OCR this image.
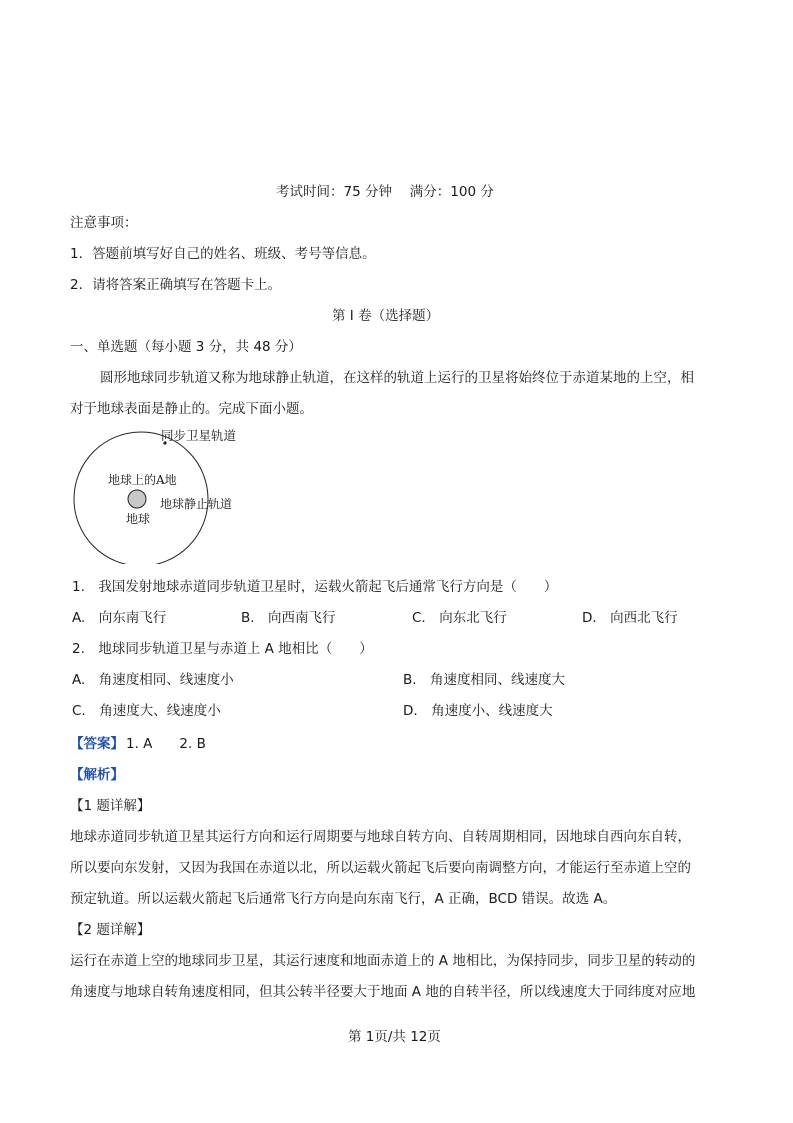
考试时间：75 分钟　 满分：100 分
注意事项：
1．答题前填写好自己的姓名、班级、考号等信息。
2．请将答案正确填写在答题卡上。
第 I 卷（选择题）
一、单选题（每小题 3 分，共 48 分）
圆形地球同步轨道又称为地球静止轨道，在这样的轨道上运行的卫星将始终位于赤道某地的上空，相
对于地球表面是静止的。完成下面小题。
同步卫星轨道
地球上的A地
地球静止轨道
地球
1.　我国发射地球赤道同步轨道卫星时，运载火箭起飞后通常飞行方向是（　　）
A.　向东南飞行	B.　向西南飞行	C.　向东北飞行	D.　向西北飞行
2.　地球同步轨道卫星与赤道上 A 地相比（　　）
A.　角速度相同、线速度小	B.　角速度相同、线速度大
C.　角速度大、线速度小	D.　角速度小、线速度大
【答案】 1. A　　2. B
【解析】
【1 题详解】
地球赤道同步轨道卫星其运行方向和运行周期要与地球自转方向、自转周期相同，因地球自西向东自转，
所以要向东发射，又因为我国在赤道以北，所以运载火箭起飞后要向南调整方向，才能运行至赤道上空的
预定轨道。所以运载火箭起飞后通常飞行方向是向东南飞行，A 正确，BCD 错误。故选 A。
【2 题详解】
运行在赤道上空的地球同步卫星，其运行速度和地面赤道上的 A 地相比，为保持同步，同步卫星的转动的
角速度与地球自转角速度相同，但其公转半径要大于地面 A 地的自转半径，所以线速度大于同纬度对应地
第 1页/共 12页
